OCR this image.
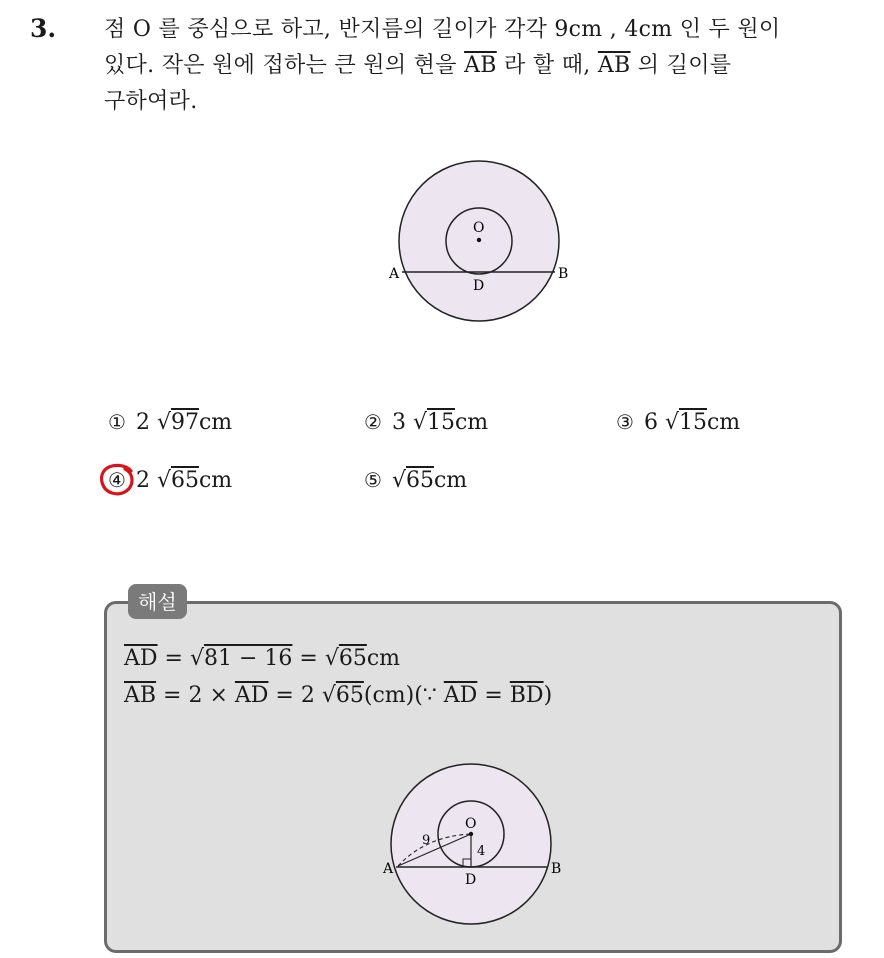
3. 점 O 를 중심으로 하고, 반지름의 길이가 각각 9cm , 4cm 인 두 원이
있다. 작은 원에 접하는 큰 원의 현을 $\overline{AB}$ 라 할 때, $\overline{AB}$ 의 길이를
구하여라.
O
A	B
D
① 2 √97cm	② 3 √15cm	③ 6 √15cm
④ 2 √65cm	⑤ √65cm
해설
$\overline{AD} = √81 - 16 = √65cm$
$\overline{AB} = 2 \times \overline{AD} = 2$ √65(cm)(∵ $\overline{AD} = \overline{BD}$)
O
A	B
D
9
4
